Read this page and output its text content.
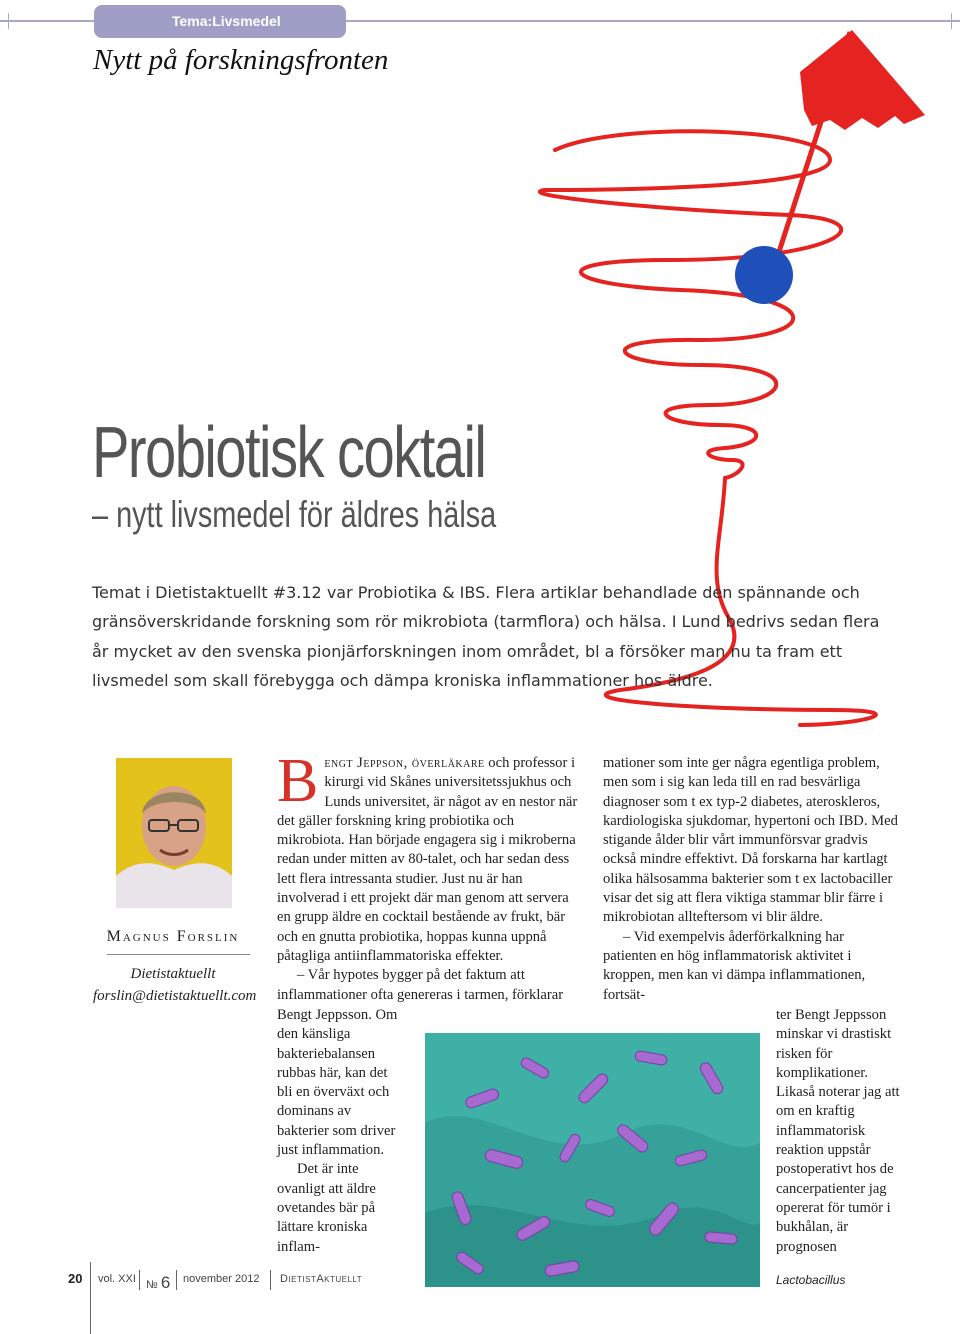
Tema:Livsmedel
Nytt på forskningsfronten
Probiotisk coktail
– nytt livsmedel för äldres hälsa
Temat i Dietistaktuellt #3.12 var Probiotika & IBS. Flera artiklar behandlade den spännande och gränsöverskridande forskning som rör mikrobiota (tarmflora) och hälsa. I Lund bedrivs sedan flera år mycket av den svenska pionjärforskningen inom området, bl a försöker man nu ta fram ett livsmedel som skall förebygga och dämpa kroniska inflammationer hos äldre.
Magnus Forslin
Dietistaktuellt
forslin@dietistaktuellt.com
Bengt Jeppson, överläkare och professor i kirurgi vid Skånes universitetssjukhus och Lunds universitet, är något av en nestor när det gäller forskning kring probiotika och mikrobiota. Han började engagera sig i mikroberna redan under mitten av 80-talet, och har sedan dess lett flera intressanta studier. Just nu är han involverad i ett projekt där man genom att servera en grupp äldre en cocktail bestående av frukt, bär och en gnutta probiotika, hoppas kunna uppnå påtagliga antiinflammatoriska effekter.
– Vår hypotes bygger på det faktum att inflammationer ofta genereras i tarmen, förklarar
Bengt Jeppsson. Om den känsliga bakteriebalansen rubbas här, kan det bli en överväxt och dominans av bakterier som driver just inflammation.
Det är inte ovanligt att äldre ovetandes bär på lättare kroniska inflam-
mationer som inte ger några egentliga problem, men som i sig kan leda till en rad besvärliga diagnoser som t ex typ-2 diabetes, ateroskleros, kardiologiska sjukdomar, hypertoni och IBD. Med stigande ålder blir vårt immunförsvar gradvis också mindre effektivt. Då forskarna har kartlagt olika hälsosamma bakterier som t ex lactobaciller visar det sig att flera viktiga stammar blir färre i mikrobiotan allteftersom vi blir äldre.
– Vid exempelvis åderförkalkning har patienten en hög inflammatorisk aktivitet i kroppen, men kan vi dämpa inflammationen, fortsät-
ter Bengt Jeppsson minskar vi drastiskt risken för komplikationer. Likaså noterar jag att om en kraftig inflammatorisk reaktion uppstår postoperativt hos de cancerpatienter jag opererat för tumör i bukhålan, är prognosen
Lactobacillus
20 vol. XXI № 6 november 2012 DietistAktuellt
